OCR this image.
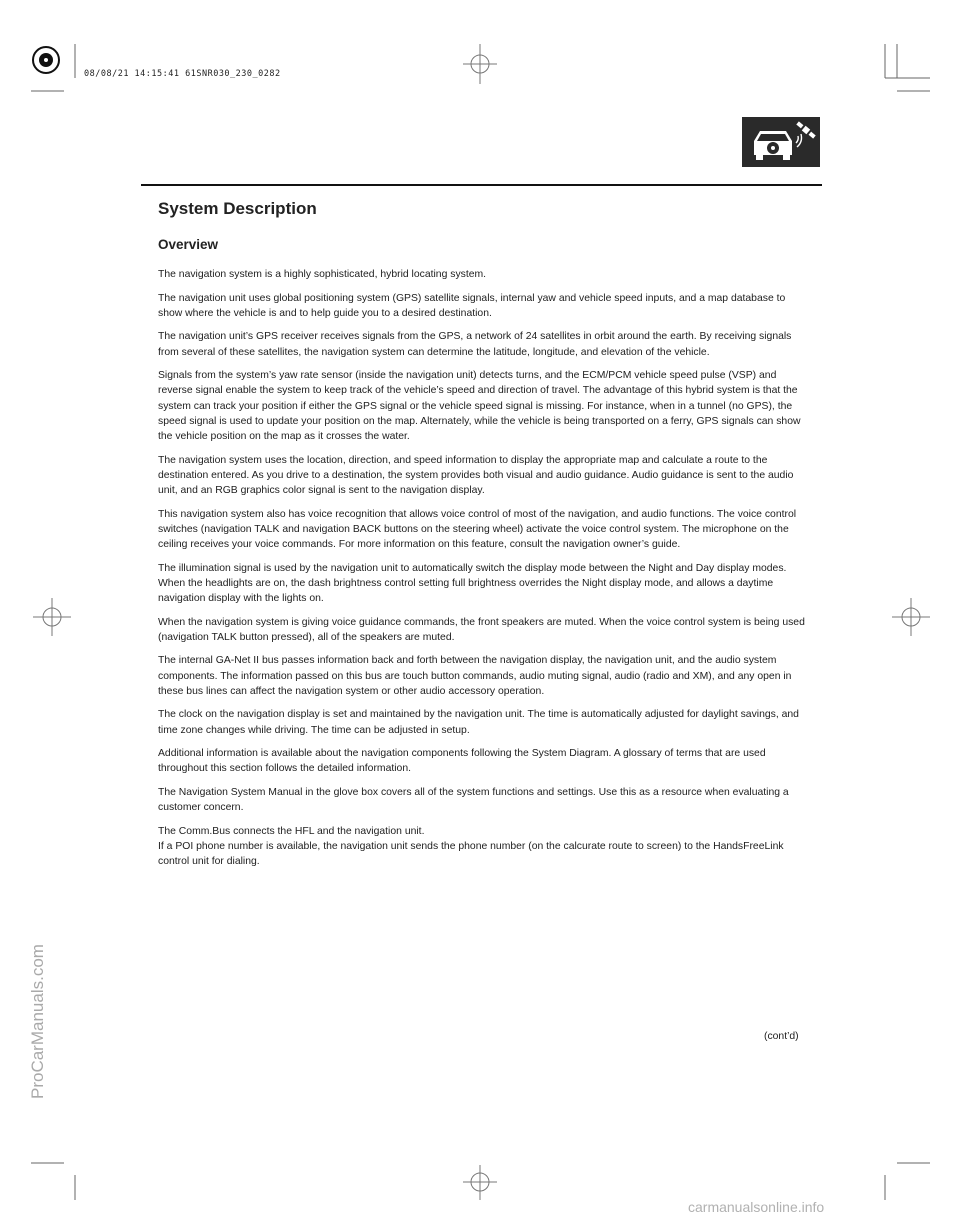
08/08/21 14:15:41 61SNR030_230_0282
System Description
Overview

The navigation system is a highly sophisticated, hybrid locating system.

The navigation unit uses global positioning system (GPS) satellite signals, internal yaw and vehicle speed inputs, and a map database to show where the vehicle is and to help guide you to a desired destination.

The navigation unit’s GPS receiver receives signals from the GPS, a network of 24 satellites in orbit around the earth. By receiving signals from several of these satellites, the navigation system can determine the latitude, longitude, and elevation of the vehicle.

Signals from the system’s yaw rate sensor (inside the navigation unit) detects turns, and the ECM/PCM vehicle speed pulse (VSP) and reverse signal enable the system to keep track of the vehicle’s speed and direction of travel. The advantage of this hybrid system is that the system can track your position if either the GPS signal or the vehicle speed signal is missing. For instance, when in a tunnel (no GPS), the speed signal is used to update your position on the map. Alternately, while the vehicle is being transported on a ferry, GPS signals can show the vehicle position on the map as it crosses the water.

The navigation system uses the location, direction, and speed information to display the appropriate map and calculate a route to the destination entered. As you drive to a destination, the system provides both visual and audio guidance. Audio guidance is sent to the audio unit, and an RGB graphics color signal is sent to the navigation display.

This navigation system also has voice recognition that allows voice control of most of the navigation, and audio functions. The voice control switches (navigation TALK and navigation BACK buttons on the steering wheel) activate the voice control system. The microphone on the ceiling receives your voice commands. For more information on this feature, consult the navigation owner’s guide.

The illumination signal is used by the navigation unit to automatically switch the display mode between the Night and Day display modes. When the headlights are on, the dash brightness control setting full brightness overrides the Night display mode, and allows a daytime navigation display with the lights on.

When the navigation system is giving voice guidance commands, the front speakers are muted. When the voice control system is being used (navigation TALK button pressed), all of the speakers are muted.

The internal GA-Net II bus passes information back and forth between the navigation display, the navigation unit, and the audio system components. The information passed on this bus are touch button commands, audio muting signal, audio (radio and XM), and any open in these bus lines can affect the navigation system or other audio accessory operation.

The clock on the navigation display is set and maintained by the navigation unit. The time is automatically adjusted for daylight savings, and time zone changes while driving. The time can be adjusted in setup.

Additional information is available about the navigation components following the System Diagram. A glossary of terms that are used throughout this section follows the detailed information.

The Navigation System Manual in the glove box covers all of the system functions and settings. Use this as a resource when evaluating a customer concern.

The Comm.Bus connects the HFL and the navigation unit.
If a POI phone number is available, the navigation unit sends the phone number (on the calcurate route to screen) to the HandsFreeLink control unit for dialing.

(cont’d)
ProCarManuals.com
carmanualsonline.info
